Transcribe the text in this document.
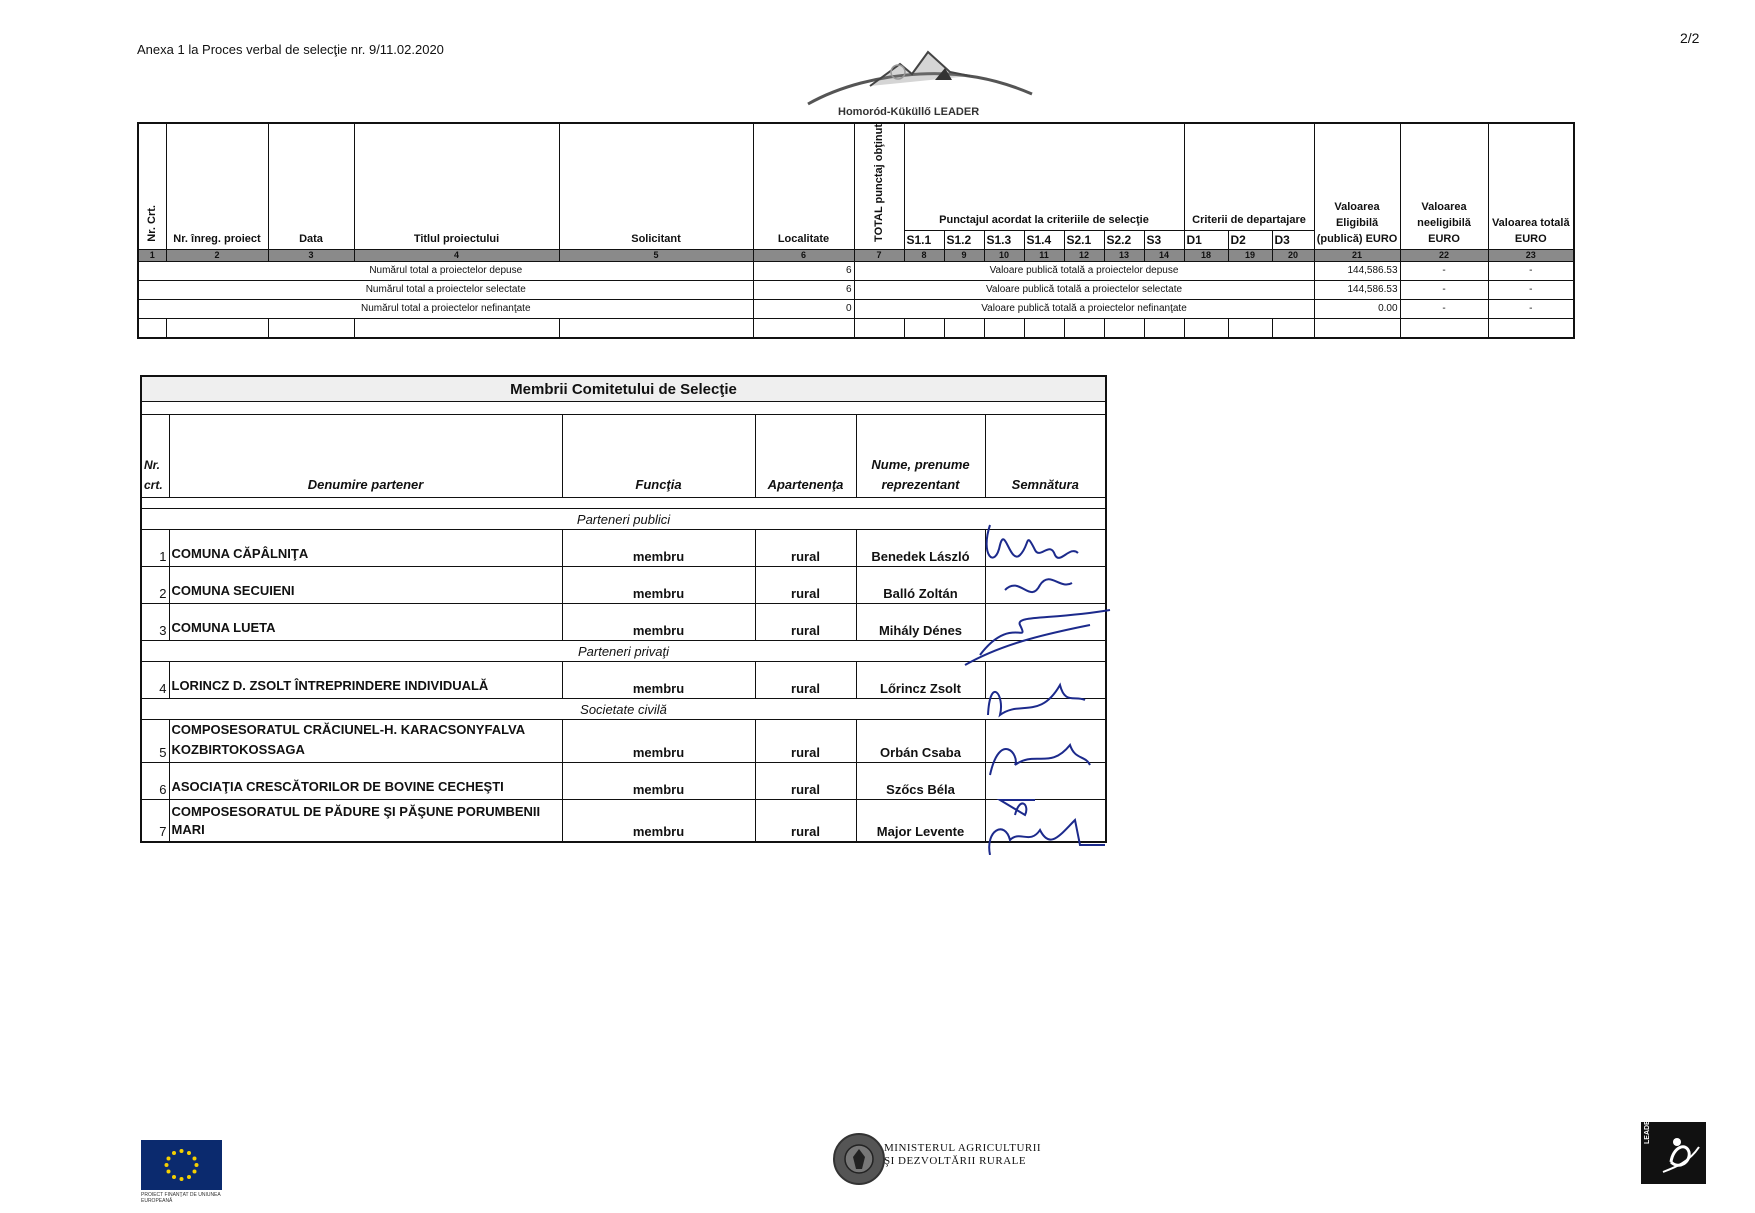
Anexa 1 la Proces verbal de selecţie nr. 9/11.02.2020
2/2
Homoród-Küküllő LEADER
Nr. Crt.	Nr. înreg. proiect	Data	Titlul proiectului	Solicitant	Localitate	TOTAL punctaj obţinut	Punctajul acordat la criteriile de selecţie							Criterii de departajare			Valoarea Eligibilă (publică) EURO	Valoarea neeligibilă EURO	Valoarea totală EURO
							S1.1	S1.2	S1.3	S1.4	S2.1	S2.2	S3	D1	D2	D3			
1	2	3	4	5	6	7	8	9	10	11	12	13	14	18	19	20	21	22	23
Numărul total a proiectelor depuse					6	Valoare publică totală a proiectelor depuse											144,586.53	-	-
Numărul total a proiectelor selectate					6	Valoare publică totală a proiectelor selectate											144,586.53	-	-
Numărul total a proiectelor nefinanţate					0	Valoare publică totală a proiectelor nefinanţate											0.00	-	-

Membrii Comitetului de Selecţie					

Nr. crt.	Denumire partener	Funcţia	Apartenenţa	Nume, prenume reprezentant	Semnătura

Parteneri publici					
1	COMUNA CĂPÂLNIŢA	membru	rural	Benedek László	
2	COMUNA SECUIENI	membru	rural	Balló Zoltán	
3	COMUNA LUETA	membru	rural	Mihály Dénes	
Parteneri privaţi					
4	LORINCZ D. ZSOLT ÎNTREPRINDERE INDIVIDUALĂ	membru	rural	Lőrincz Zsolt	
Societate civilă					
5	COMPOSESORATUL CRĂCIUNEL-H. KARACSONYFALVA KOZBIRTOKOSSAGA	membru	rural	Orbán Csaba	
6	ASOCIAŢIA CRESCĂTORILOR DE BOVINE CECHEŞTI	membru	rural	Szőcs Béla	
7	COMPOSESORATUL DE PĂDURE ŞI PĂŞUNE PORUMBENII MARI	membru	rural	Major Levente	
PROIECT FINANŢAT DE UNIUNEA EUROPEANĂ
MINISTERUL AGRICULTURII
ŞI DEZVOLTĂRII RURALE
LEADER
